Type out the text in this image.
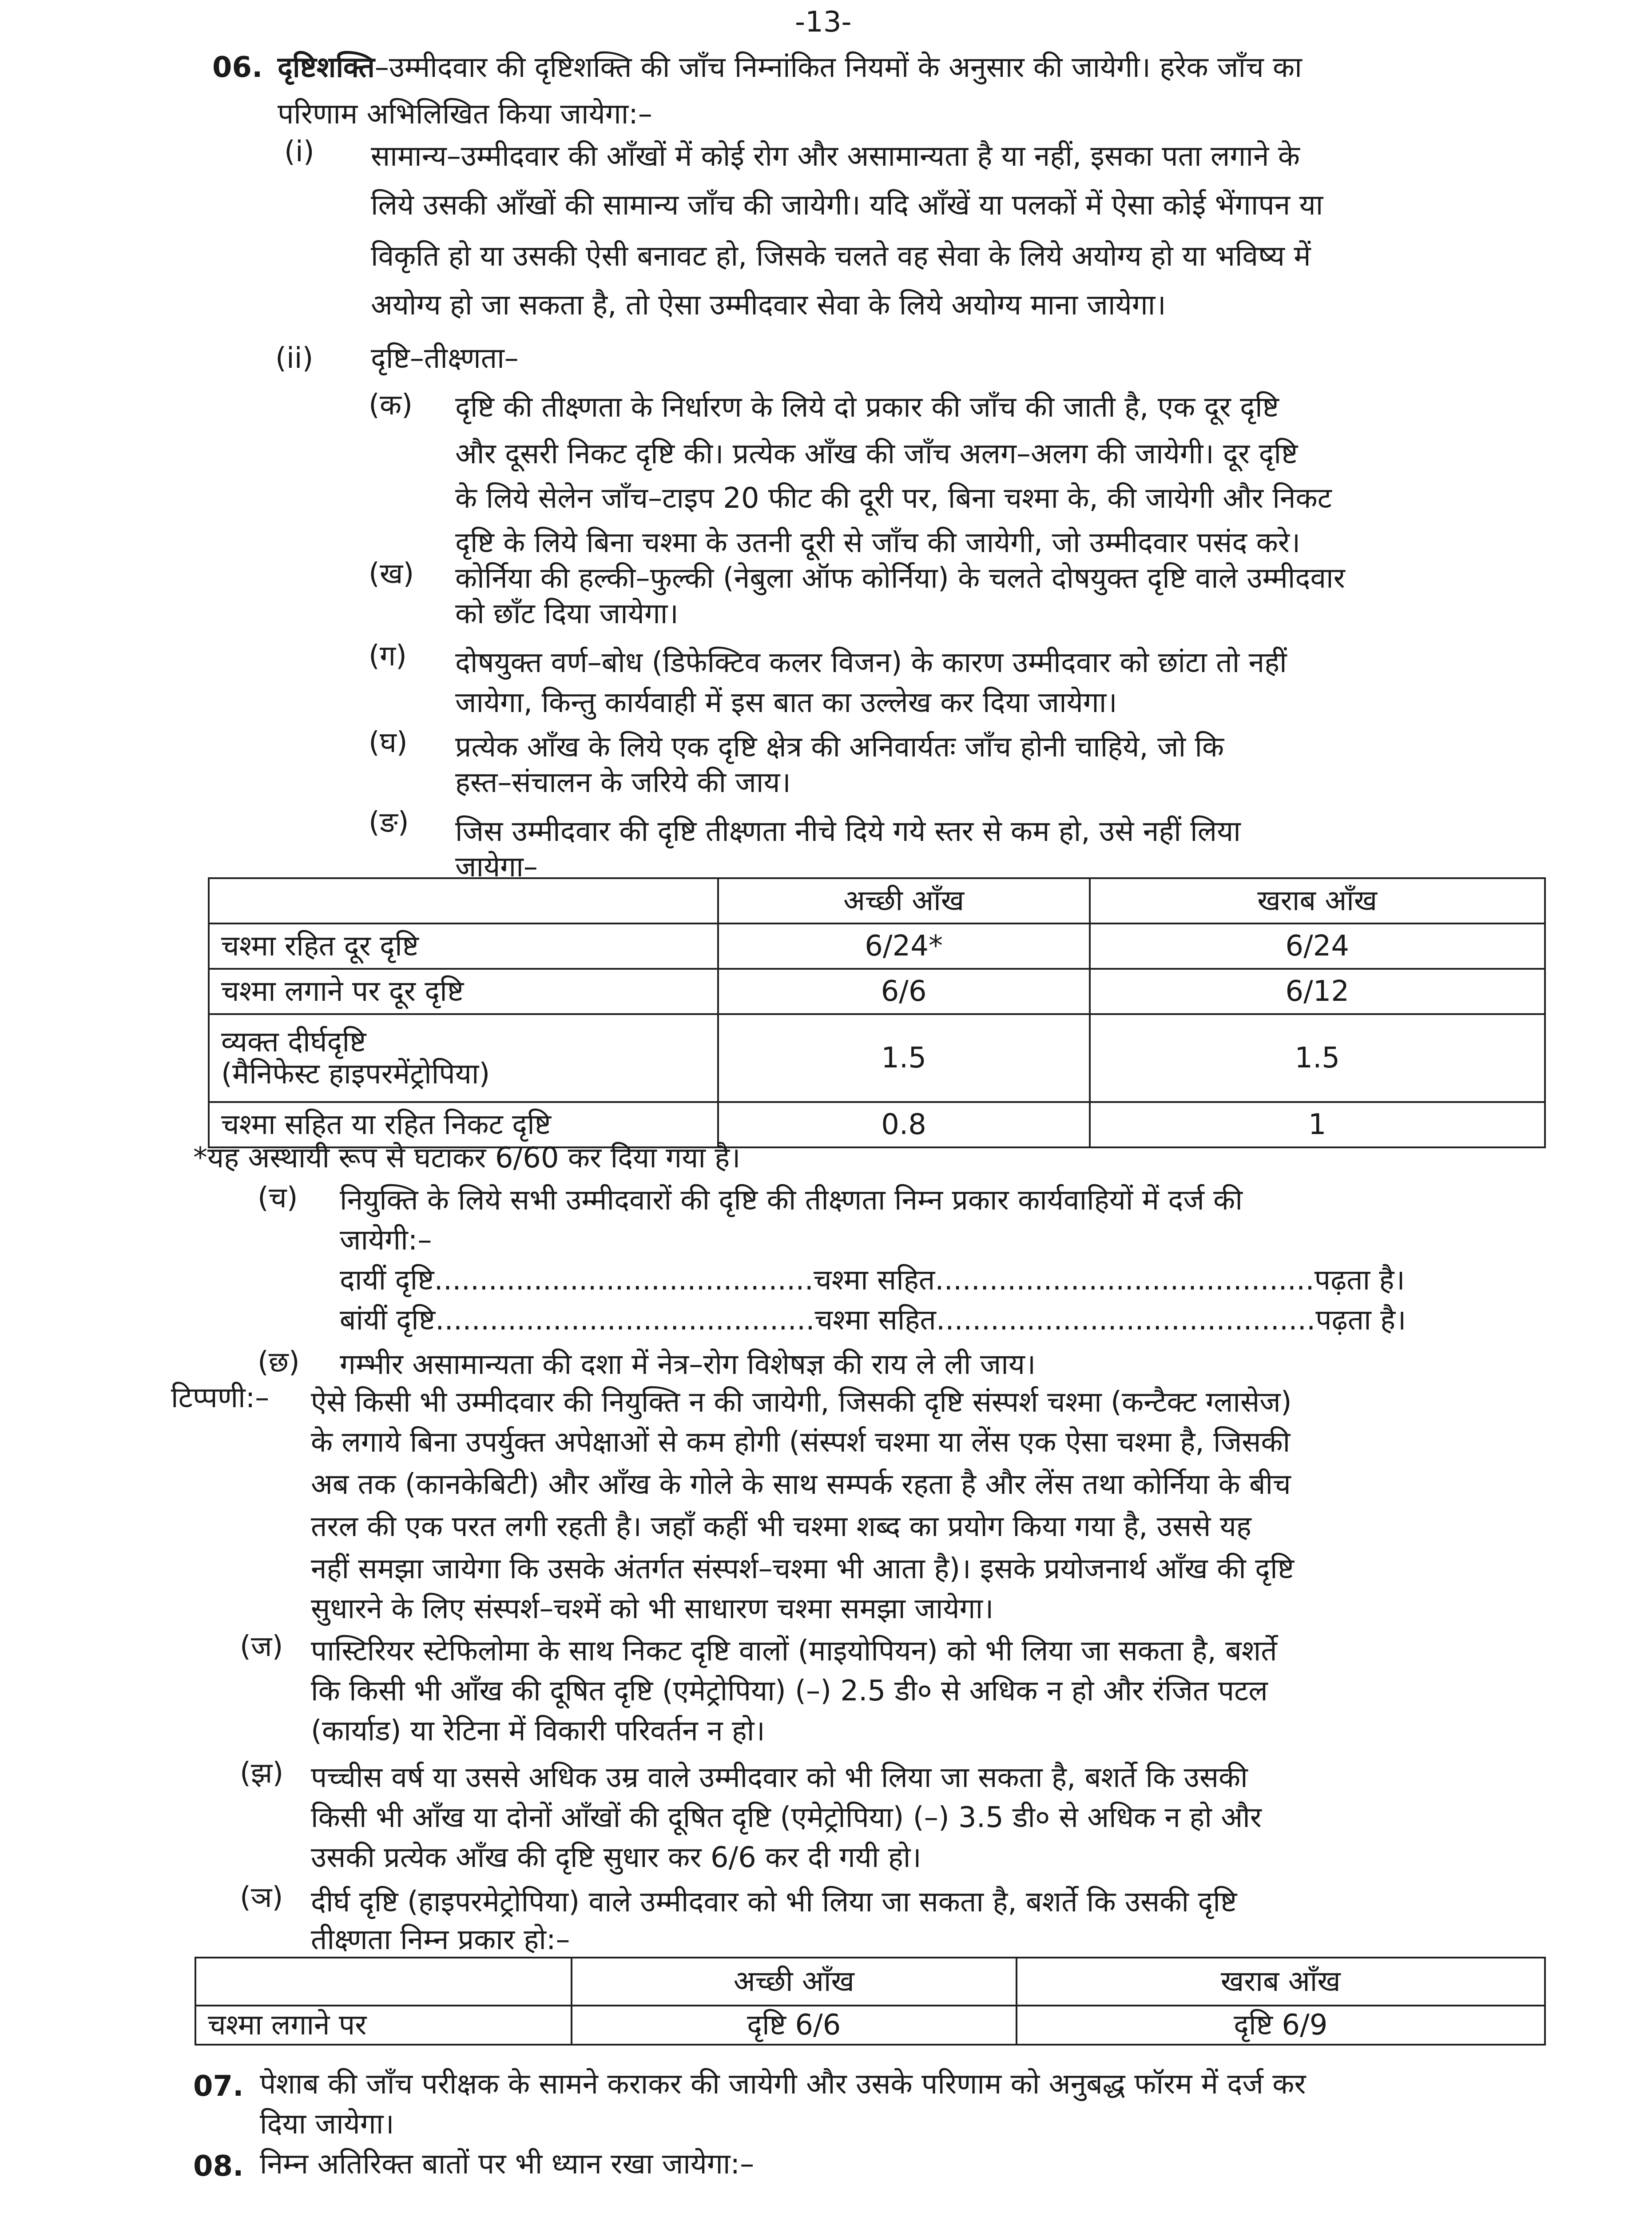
-13-
06. दृष्टिशक्ति–उम्मीदवार की दृष्टिशक्ति की जाँच निम्नांकित नियमों के अनुसार की जायेगी। हरेक जाँच का
परिणाम अभिलिखित किया जायेगा:–
(i) सामान्य–उम्मीदवार की आँखों में कोई रोग और असामान्यता है या नहीं, इसका पता लगाने के
लिये उसकी आँखों की सामान्य जाँच की जायेगी। यदि आँखें या पलकों में ऐसा कोई भेंगापन या
विकृति हो या उसकी ऐसी बनावट हो, जिसके चलते वह सेवा के लिये अयोग्य हो या भविष्य में
अयोग्य हो जा सकता है, तो ऐसा उम्मीदवार सेवा के लिये अयोग्य माना जायेगा।
(ii) दृष्टि–तीक्ष्णता–
(क) दृष्टि की तीक्ष्णता के निर्धारण के लिये दो प्रकार की जाँच की जाती है, एक दूर दृष्टि
और दूसरी निकट दृष्टि की। प्रत्येक आँख की जाँच अलग–अलग की जायेगी। दूर दृष्टि
के लिये सेलेन जाँच–टाइप 20 फीट की दूरी पर, बिना चश्मा के, की जायेगी और निकट
दृष्टि के लिये बिना चश्मा के उतनी दूरी से जाँच की जायेगी, जो उम्मीदवार पसंद करे।
(ख) कोर्निया की हल्की–फुल्की (नेबुला ऑफ कोर्निया) के चलते दोषयुक्त दृष्टि वाले उम्मीदवार
को छाँट दिया जायेगा।
(ग) दोषयुक्त वर्ण–बोध (डिफेक्टिव कलर विजन) के कारण उम्मीदवार को छांटा तो नहीं
जायेगा, किन्तु कार्यवाही में इस बात का उल्लेख कर दिया जायेगा।
(घ) प्रत्येक आँख के लिये एक दृष्टि क्षेत्र की अनिवार्यतः जाँच होनी चाहिये, जो कि
हस्त–संचालन के जरिये की जाय।
(ङ) जिस उम्मीदवार की दृष्टि तीक्ष्णता नीचे दिये गये स्तर से कम हो, उसे नहीं लिया
जायेगा–
	अच्छी आँख	खराब आँख
चश्मा रहित दूर दृष्टि	6/24*	6/24
चश्मा लगाने पर दूर दृष्टि	6/6	6/12

व्यक्त दीर्घदृष्टि
(मैनिफेस्ट हाइपरमेंट्रोपिया)	1.5	1.5
चश्मा सहित या रहित निकट दृष्टि	0.8	1
*यह अस्थायी रूप से घटाकर 6/60 कर दिया गया है।
(च) नियुक्ति के लिये सभी उम्मीदवारों की दृष्टि की तीक्ष्णता निम्न प्रकार कार्यवाहियों में दर्ज की
जायेगी:–
दायीं दृष्टि..........................................चश्मा सहित..........................................पढ़ता है।
बांयीं दृष्टि..........................................चश्मा सहित..........................................पढ़ता है।
(छ) गम्भीर असामान्यता की दशा में नेत्र–रोग विशेषज्ञ की राय ले ली जाय।
टिप्पणी:– ऐसे किसी भी उम्मीदवार की नियुक्ति न की जायेगी, जिसकी दृष्टि संस्पर्श चश्मा (कन्टैक्ट ग्लासेज)
के लगाये बिना उपर्युक्त अपेक्षाओं से कम होगी (संस्पर्श चश्मा या लेंस एक ऐसा चश्मा है, जिसकी
अब तक (कानकेबिटी) और आँख के गोले के साथ सम्पर्क रहता है और लेंस तथा कोर्निया के बीच
तरल की एक परत लगी रहती है। जहाँ कहीं भी चश्मा शब्द का प्रयोग किया गया है, उससे यह
नहीं समझा जायेगा कि उसके अंतर्गत संस्पर्श–चश्मा भी आता है)। इसके प्रयोजनार्थ आँख की दृष्टि
सुधारने के लिए संस्पर्श–चश्में को भी साधारण चश्मा समझा जायेगा।
(ज) पास्टिरियर स्टेफिलोमा के साथ निकट दृष्टि वालों (माइयोपियन) को भी लिया जा सकता है, बशर्ते
कि किसी भी आँख की दूषित दृष्टि (एमेट्रोपिया) (–) 2.5 डी० से अधिक न हो और रंजित पटल
(कार्याड) या रेटिना में विकारी परिवर्तन न हो।
(झ) पच्चीस वर्ष या उससे अधिक उम्र वाले उम्मीदवार को भी लिया जा सकता है, बशर्ते कि उसकी
किसी भी आँख या दोनों आँखों की दूषित दृष्टि (एमेट्रोपिया) (–) 3.5 डी० से अधिक न हो और
उसकी प्रत्येक आँख की दृष्टि सुधार कर 6/6 कर दी गयी हो।
(ञ) दीर्घ दृष्टि (हाइपरमेट्रोपिया) वाले उम्मीदवार को भी लिया जा सकता है, बशर्ते कि उसकी दृष्टि
तीक्ष्णता निम्न प्रकार हो:–
	अच्छी आँख	खराब आँख
चश्मा लगाने पर	दृष्टि 6/6	दृष्टि 6/9
07. पेशाब की जाँच परीक्षक के सामने कराकर की जायेगी और उसके परिणाम को अनुबद्ध फॉरम में दर्ज कर
दिया जायेगा।
08. निम्न अतिरिक्त बातों पर भी ध्यान रखा जायेगा:–
